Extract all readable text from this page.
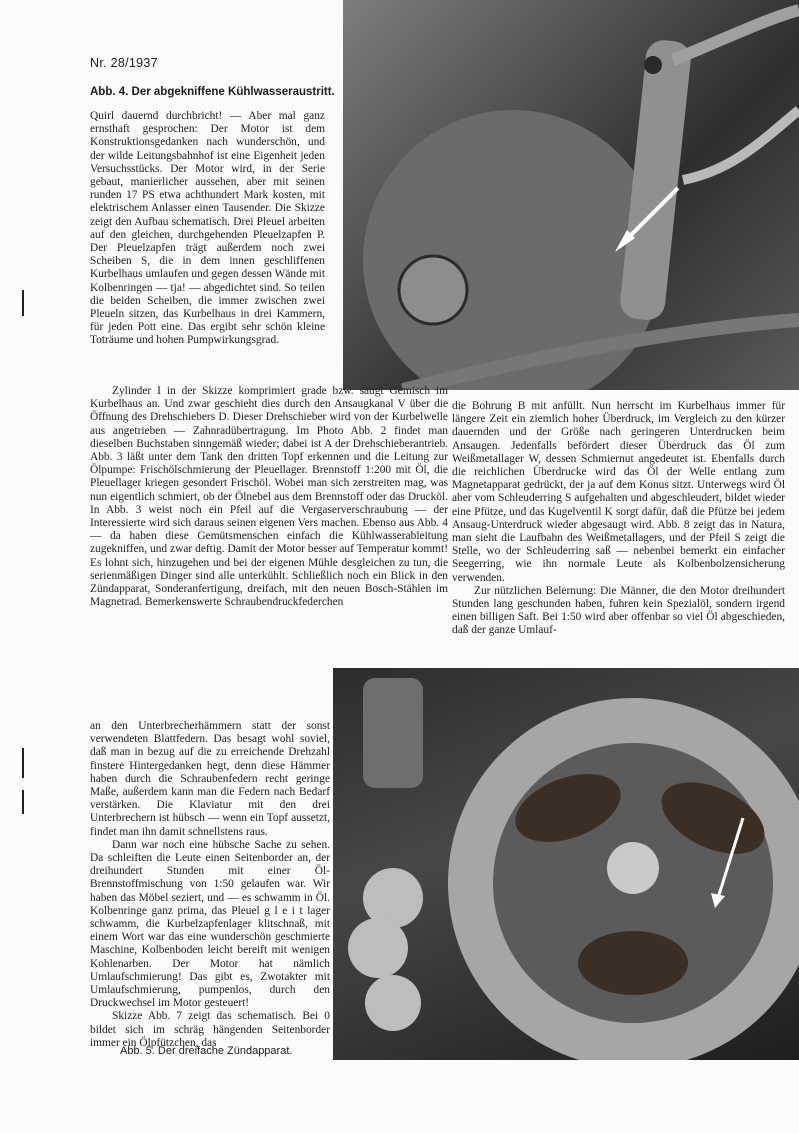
Nr. 28/1937
Abb. 4. Der abgekniffene Kühlwasseraustritt.

Quirl dauernd durchbricht! — Aber mal ganz ernsthaft gesprochen: Der Motor ist dem Konstruktionsgedanken nach wunderschön, und der wilde Leitungsbahnhof ist eine Eigenheit jeden Versuchsstücks. Der Motor wird, in der Serie gebaut, manierlicher aussehen, aber mit seinen runden 17 PS etwa achthundert Mark kosten, mit elektrischem Anlasser einen Tausender. Die Skizze zeigt den Aufbau schematisch. Drei Pleuel arbeiten auf den gleichen, durchgehenden Pleuelzapfen P. Der Pleuelzapfen trägt außerdem noch zwei Scheiben S, die in dem innen geschliffenen Kurbelhaus umlaufen und gegen dessen Wände mit Kolbenringen — tja! — abgedichtet sind. So teilen die beiden Scheiben, die immer zwischen zwei Pleueln sitzen, das Kurbelhaus in drei Kammern, für jeden Pott eine. Das ergibt sehr schön kleine Toträume und hohen Pumpwirkungsgrad.

Zylinder I in der Skizze komprimiert grade bzw. saugt Gemisch im Kurbelhaus an. Und zwar geschieht dies durch den Ansaugkanal V über die Öffnung des Drehschiebers D. Dieser Drehschieber wird von der Kurbelwelle aus angetrieben — Zahnradübertragung. Im Photo Abb. 2 findet man dieselben Buchstaben sinngemäß wieder; dabei ist A der Drehschieberantrieb. Abb. 3 läßt unter dem Tank den dritten Topf erkennen und die Leitung zur Ölpumpe: Frischölschmierung der Pleuellager. Brennstoff 1:200 mit Öl, die Pleuellager kriegen gesondert Frischöl. Wobei man sich zerstreiten mag, was nun eigentlich schmiert, ob der Ölnebel aus dem Brennstoff oder das Drucköl. In Abb. 3 weist noch ein Pfeil auf die Vergaserverschraubung — der Interessierte wird sich daraus seinen eigenen Vers machen. Ebenso aus Abb. 4 — da haben diese Gemütsmenschen einfach die Kühlwasserableitung zugekniffen, und zwar deftig. Damit der Motor besser auf Temperatur kommt! Es lohnt sich, hinzugehen und bei der eigenen Mühle desgleichen zu tun, die serienmäßigen Dinger sind alle unterkühlt. Schließlich noch ein Blick in den Zündapparat, Sonderanfertigung, dreifach, mit den neuen Bosch-Stählen im Magnetrad. Bemerkenswerte Schraubendruckfederchen

die Bohrung B mit anfüllt. Nun herrscht im Kurbelhaus immer für längere Zeit ein ziemlich hoher Überdruck, im Vergleich zu den kürzer dauernden und der Größe nach geringeren Unterdrucken beim Ansaugen. Jedenfalls befördert dieser Überdruck das Öl zum Weißmetallager W, dessen Schmiernut angedeutet ist. Ebenfalls durch die reichlichen Überdrucke wird das Öl der Welle entlang zum Magnetapparat gedrückt, der ja auf dem Konus sitzt. Unterwegs wird Öl aber vom Schleuderring S aufgehalten und abgeschleudert, bildet wieder eine Pfütze, und das Kugelventil K sorgt dafür, daß die Pfütze bei jedem Ansaug-Unterdruck wieder abgesaugt wird. Abb. 8 zeigt das in Natura, man sieht die Laufbahn des Weißmetallagers, und der Pfeil S zeigt die Stelle, wo der Schleuderring saß — nebenbei bemerkt ein einfacher Seegerring, wie ihn normale Leute als Kolbenbolzensicherung verwenden.

Zur nützlichen Belernung: Die Männer, die den Motor dreihundert Stunden lang geschunden haben, fuhren kein Spezialöl, sondern irgend einen billigen Saft. Bei 1:50 wird aber offenbar so viel Öl abgeschieden, daß der ganze Umlauf-

an den Unterbrecherhämmern statt der sonst verwendeten Blattfedern. Das besagt wohl soviel, daß man in bezug auf die zu erreichende Drehzahl finstere Hintergedanken hegt, denn diese Hämmer haben durch die Schraubenfedern recht geringe Maße, außerdem kann man die Federn nach Bedarf verstärken. Die Klaviatur mit den drei Unterbrechern ist hübsch — wenn ein Topf aussetzt, findet man ihn damit schnellstens raus.

Dann war noch eine hübsche Sache zu sehen. Da schleiften die Leute einen Seitenborder an, der dreihundert Stunden mit einer Öl-Brennstoffmischung von 1:50 gelaufen war. Wir haben das Möbel seziert, und — es schwamm in Öl. Kolbenringe ganz prima, das Pleuel g l e i t lager schwamm, die Kurbelzapfenlager klitschnaß, mit einem Wort war das eine wunderschön geschmierte Maschine, Kolbenboden leicht bereift mit wenigen Kohlenarben. Der Motor hat nämlich Umlaufschmierung! Das gibt es, Zwotakter mit Umlaufschmierung, pumpenlos, durch den Druckwechsel im Motor gesteuert!

Skizze Abb. 7 zeigt das schematisch. Bei 0 bildet sich im schräg hängenden Seitenborder immer ein Ölpfützchen, das

Abb. 5. Der dreifache Zündapparat.
